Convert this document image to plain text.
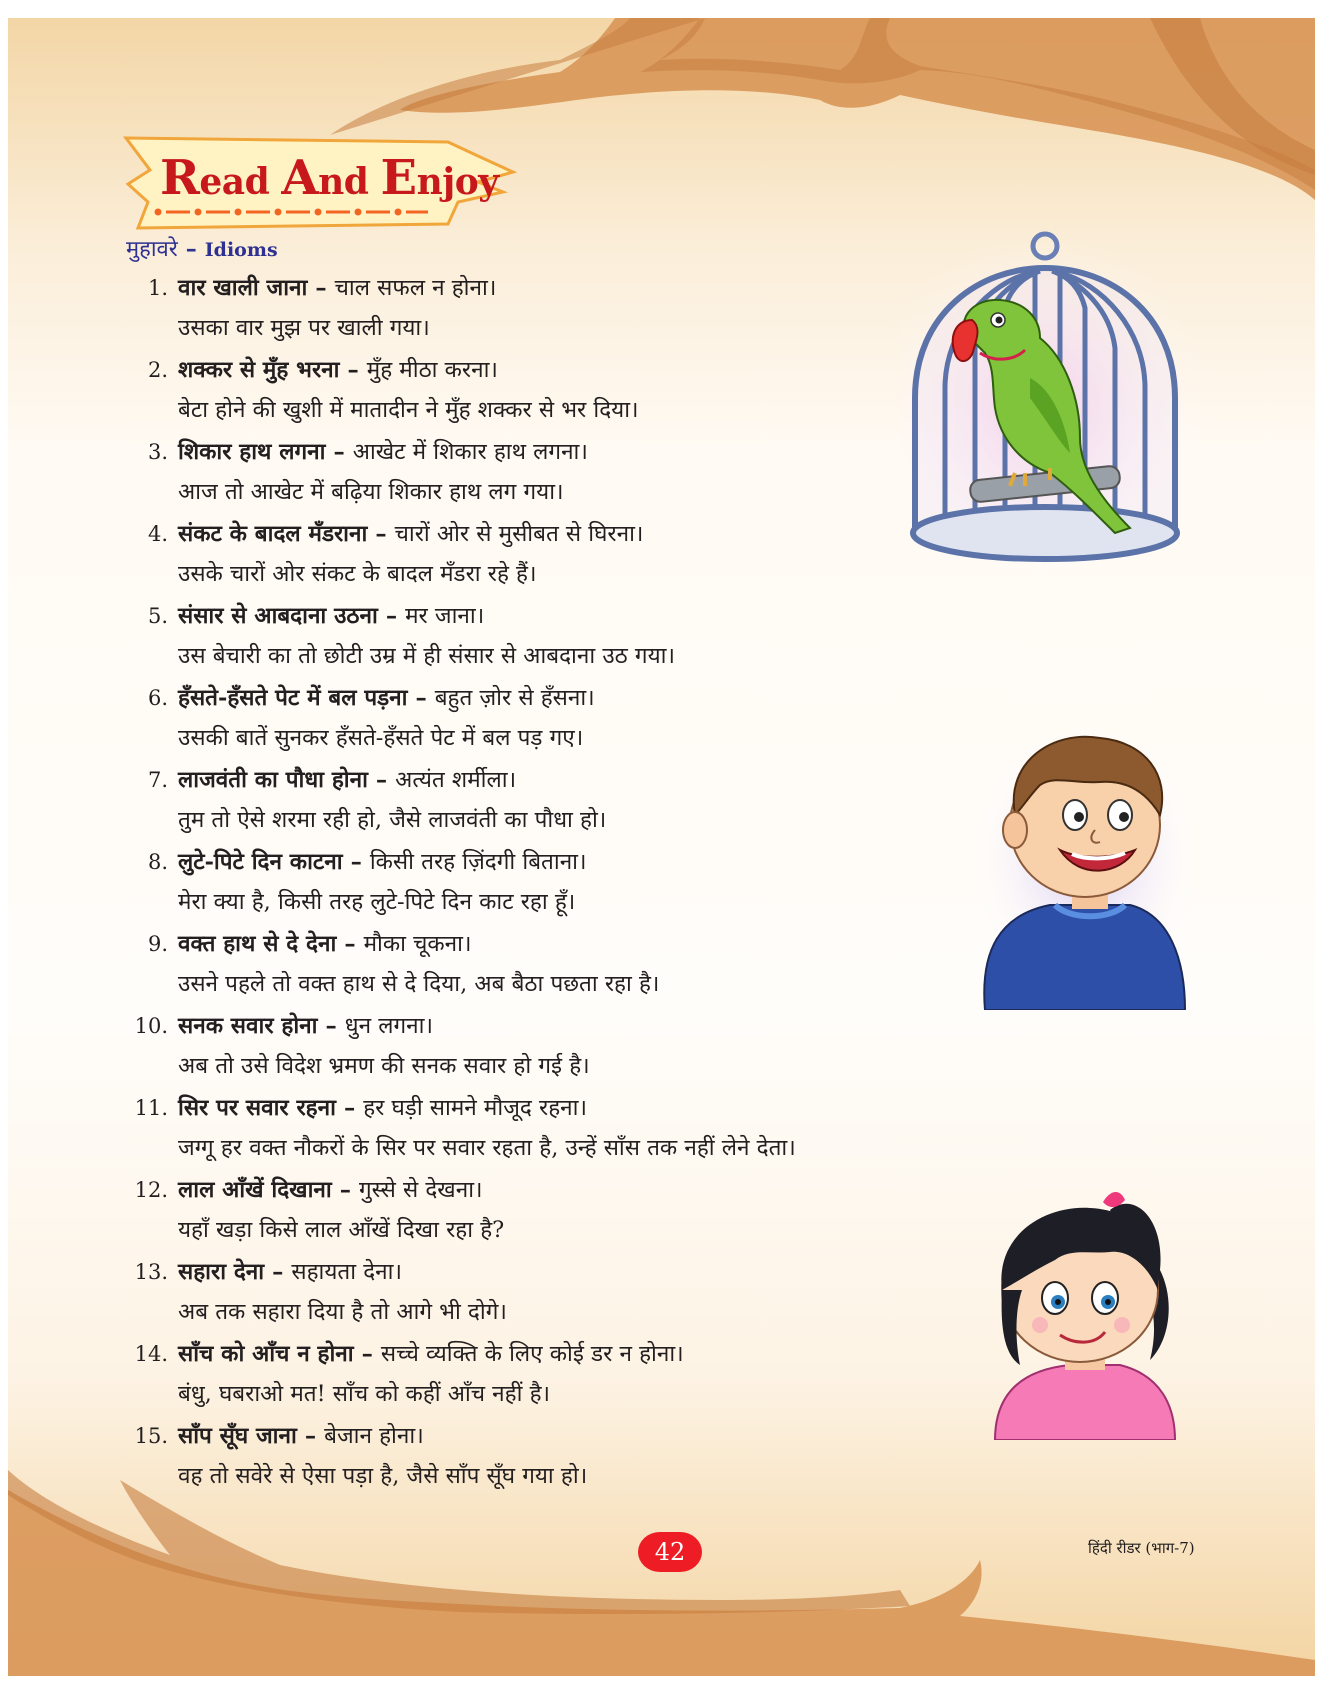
Read And Enjoy
मुहावरे – Idioms
1. वार खाली जाना – चाल सफल न होना।
उसका वार मुझ पर खाली गया।
2. शक्कर से मुँह भरना – मुँह मीठा करना।
बेटा होने की खुशी में मातादीन ने मुँह शक्कर से भर दिया।
3. शिकार हाथ लगना – आखेट में शिकार हाथ लगना।
आज तो आखेट में बढ़िया शिकार हाथ लग गया।
4. संकट के बादल मँडराना – चारों ओर से मुसीबत से घिरना।
उसके चारों ओर संकट के बादल मँडरा रहे हैं।
5. संसार से आबदाना उठना – मर जाना।
उस बेचारी का तो छोटी उम्र में ही संसार से आबदाना उठ गया।
6. हँसते-हँसते पेट में बल पड़ना – बहुत ज़ोर से हँसना।
उसकी बातें सुनकर हँसते-हँसते पेट में बल पड़ गए।
7. लाजवंती का पौधा होना – अत्यंत शर्मीला।
तुम तो ऐसे शरमा रही हो, जैसे लाजवंती का पौधा हो।
8. लुटे-पिटे दिन काटना – किसी तरह ज़िंदगी बिताना।
मेरा क्या है, किसी तरह लुटे-पिटे दिन काट रहा हूँ।
9. वक्त हाथ से दे देना – मौका चूकना।
उसने पहले तो वक्त हाथ से दे दिया, अब बैठा पछता रहा है।
10. सनक सवार होना – धुन लगना।
अब तो उसे विदेश भ्रमण की सनक सवार हो गई है।
11. सिर पर सवार रहना – हर घड़ी सामने मौजूद रहना।
जग्गू हर वक्त नौकरों के सिर पर सवार रहता है, उन्हें साँस तक नहीं लेने देता।
12. लाल आँखें दिखाना – गुस्से से देखना।
यहाँ खड़ा किसे लाल आँखें दिखा रहा है?
13. सहारा देना – सहायता देना।
अब तक सहारा दिया है तो आगे भी दोगे।
14. साँच को आँच न होना – सच्चे व्यक्ति के लिए कोई डर न होना।
बंधु, घबराओ मत! साँच को कहीं आँच नहीं है।
15. साँप सूँघ जाना – बेजान होना।
वह तो सवेरे से ऐसा पड़ा है, जैसे साँप सूँघ गया हो।
42	हिंदी रीडर (भाग-7)
